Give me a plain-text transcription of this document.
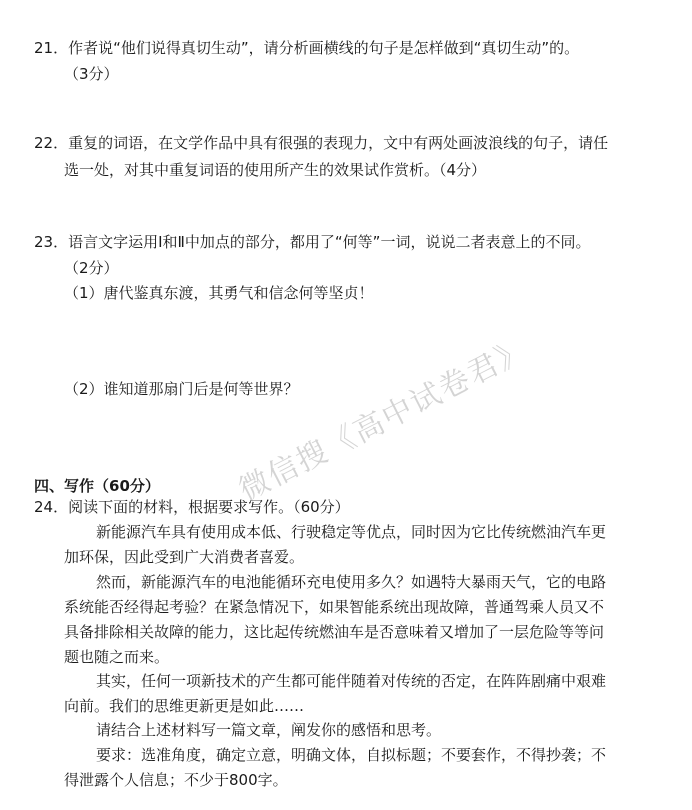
21．作者说“他们说得真切生动”，请分析画横线的句子是怎样做到“真切生动”的。
（3分）
22．重复的词语，在文学作品中具有很强的表现力，文中有两处画波浪线的句子，请任
选一处，对其中重复词语的使用所产生的效果试作赏析。（4分）
23．语言文字运用Ⅰ和Ⅱ中加点的部分，都用了“何等”一词，说说二者表意上的不同。
（2分）
（1）唐代鉴真东渡，其勇气和信念何等坚贞！
（2）谁知道那扇门后是何等世界？
四、写作（60分）
24．阅读下面的材料，根据要求写作。（60分）
新能源汽车具有使用成本低、行驶稳定等优点，同时因为它比传统燃油汽车更
加环保，因此受到广大消费者喜爱。
然而，新能源汽车的电池能循环充电使用多久？如遇特大暴雨天气，它的电路
系统能否经得起考验？在紧急情况下，如果智能系统出现故障，普通驾乘人员又不
具备排除相关故障的能力，这比起传统燃油车是否意味着又增加了一层危险等等问
题也随之而来。
其实，任何一项新技术的产生都可能伴随着对传统的否定，在阵阵剧痛中艰难
向前。我们的思维更新更是如此……
请结合上述材料写一篇文章，阐发你的感悟和思考。
要求：选准角度，确定立意，明确文体，自拟标题；不要套作，不得抄袭；不
得泄露个人信息；不少于800字。
微信搜《高中试卷君》
